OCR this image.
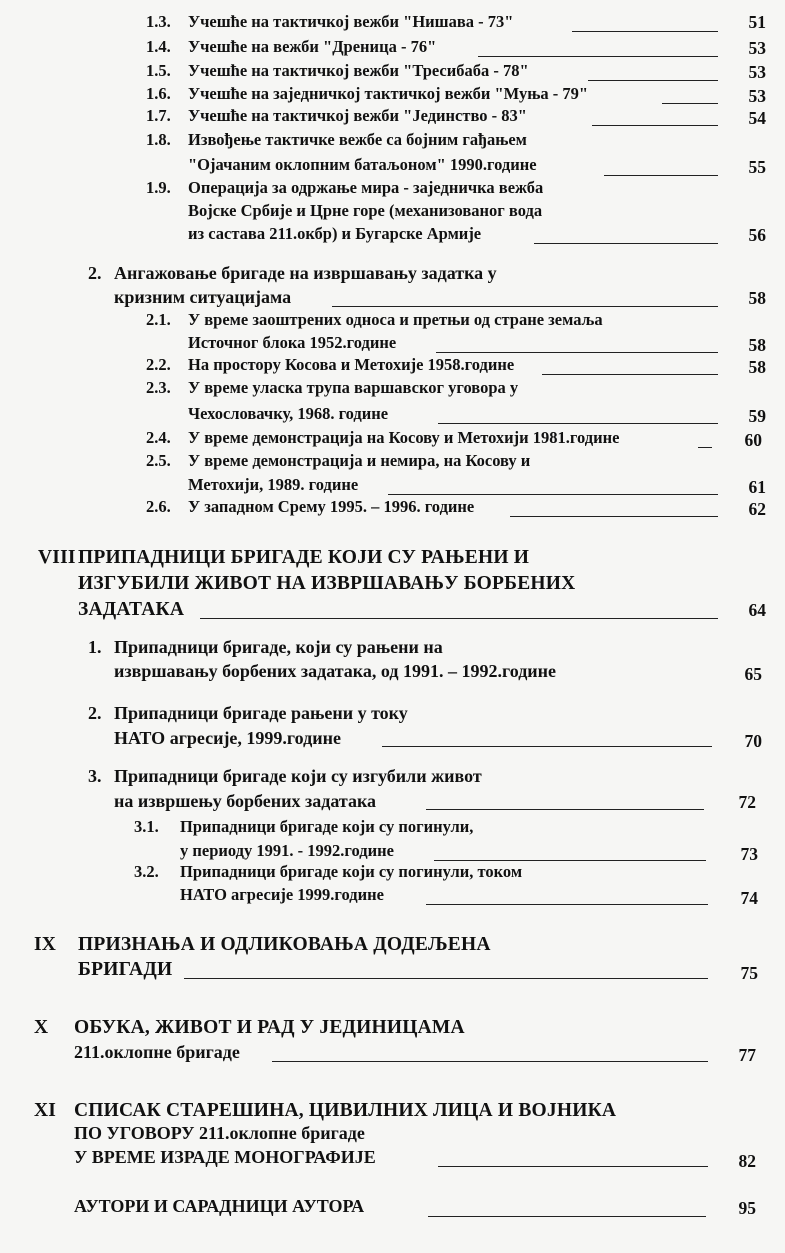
1.3. Учешће на тактичкој вежби "Нишава - 73"	51
1.4. Учешће на вежби "Дреница - 76"	53
1.5. Учешће на тактичкој вежби "Тресибаба - 78"	53
1.6. Учешће на заједничкој тактичкој вежби "Муња - 79"	53
1.7. Учешће на тактичкој вежби "Јединство - 83"	54
1.8. Извођење тактичке вежбе са бојним гађањем
"Ојачаним оклопним батаљоном" 1990.године	55
1.9. Операција за одржање мира - заједничка вежба
Војске Србије и Црне горе (механизованог вода
из састава 211.окбр) и Бугарске Армије	56
2. Ангажовање бригаде на извршавању задатка у
кризним ситуацијама	58
2.1. У време заоштрених односа и претњи од стране земаља
Источног блока 1952.године	58
2.2. На простору Косова и Метохије 1958.године	58
2.3. У време уласка трупа варшавског уговора у
Чехословачку, 1968. године	59
2.4. У време демонстрација на Косову и Метохији 1981.године	60
2.5. У време демонстрација и немира, на Косову и
Метохији, 1989. године	61
2.6. У западном Срему 1995. – 1996. године	62
VIII ПРИПАДНИЦИ БРИГАДЕ КОЈИ СУ РАЊЕНИ И
ИЗГУБИЛИ ЖИВОТ НА ИЗВРШАВАЊУ БОРБЕНИХ
ЗАДАТАКА	64
1. Припадници бригаде, који су рањени на
извршавању борбених задатака, од 1991. – 1992.године	65
2. Припадници бригаде рањени у току
НАТО агресије, 1999.године	70
3. Припадници бригаде који су изгубили живот
на извршењу борбених задатака	72
3.1. Припадници бригаде који су погинули,
у периоду 1991. - 1992.године	73
3.2. Припадници бригаде који су погинули, током
НАТО агресије 1999.године	74
IX ПРИЗНАЊА И ОДЛИКОВАЊА ДОДЕЉЕНА
БРИГАДИ	75
X ОБУКА, ЖИВОТ И РАД У ЈЕДИНИЦАМА
211.оклопне бригаде	77
XI СПИСАК СТАРЕШИНА, ЦИВИЛНИХ ЛИЦА И ВОЈНИКА
ПО УГОВОРУ 211.оклопне бригаде
У ВРЕМЕ ИЗРАДЕ МОНОГРАФИЈЕ	82
АУТОРИ И САРАДНИЦИ АУТОРА	95
